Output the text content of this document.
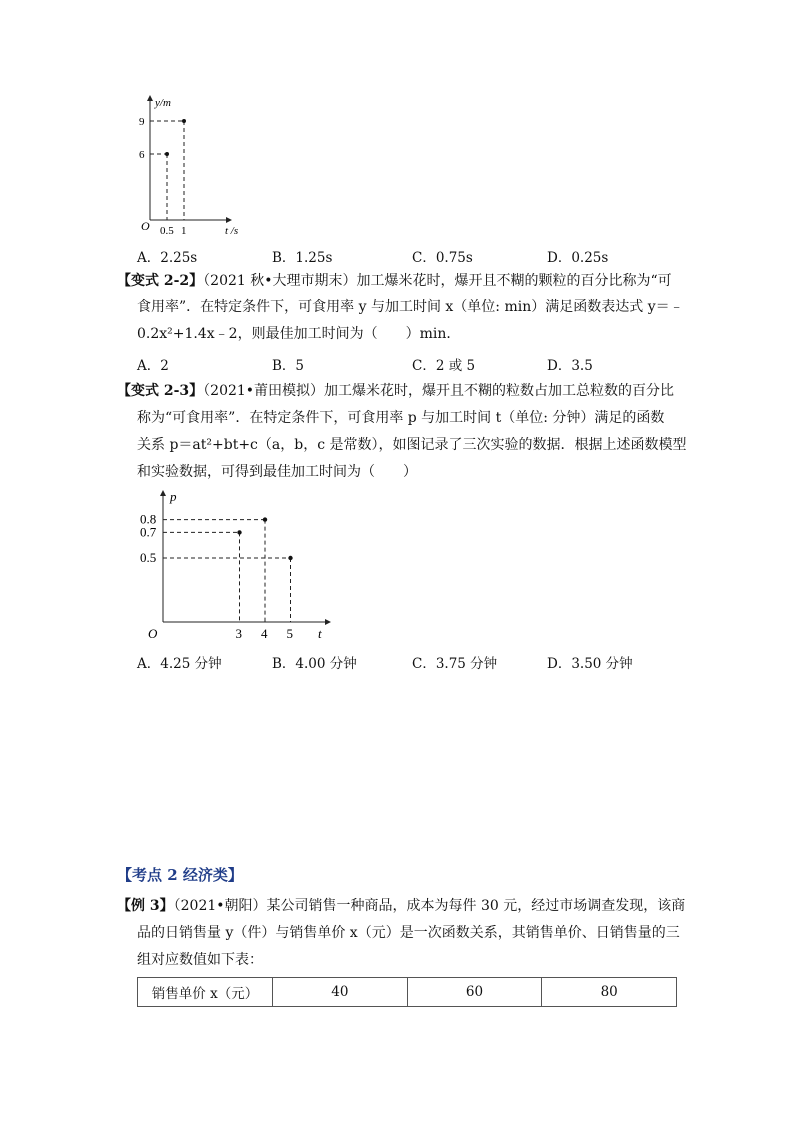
y/m
t /s
O
9
6
0.5 1
A．2.25s	B．1.25s	C．0.75s	D．0.25s
【变式 2-2】（2021 秋•大理市期末）加工爆米花时，爆开且不糊的颗粒的百分比称为“可
食用率”．在特定条件下，可食用率 y 与加工时间 x（单位: min）满足函数表达式 y＝﹣
0.2x²+1.4x﹣2，则最佳加工时间为（　　）min．
A．2	B．5	C．2 或 5	D．3.5
【变式 2-3】（2021•莆田模拟）加工爆米花时，爆开且不糊的粒数占加工总粒数的百分比
称为“可食用率”．在特定条件下，可食用率 p 与加工时间 t（单位: 分钟）满足的函数
关系 p＝at²+bt+c（a，b，c 是常数），如图记录了三次实验的数据．根据上述函数模型
和实验数据，可得到最佳加工时间为（　　）
p
t
O	3 4 5
0.8
0.7
0.5
A．4.25 分钟	B．4.00 分钟	C．3.75 分钟	D．3.50 分钟
【考点 2 经济类】
【例 3】（2021•朝阳）某公司销售一种商品，成本为每件 30 元，经过市场调查发现，该商
品的日销售量 y（件）与销售单价 x（元）是一次函数关系，其销售单价、日销售量的三
组对应数值如下表：
销售单价 x（元）	40	60	80
